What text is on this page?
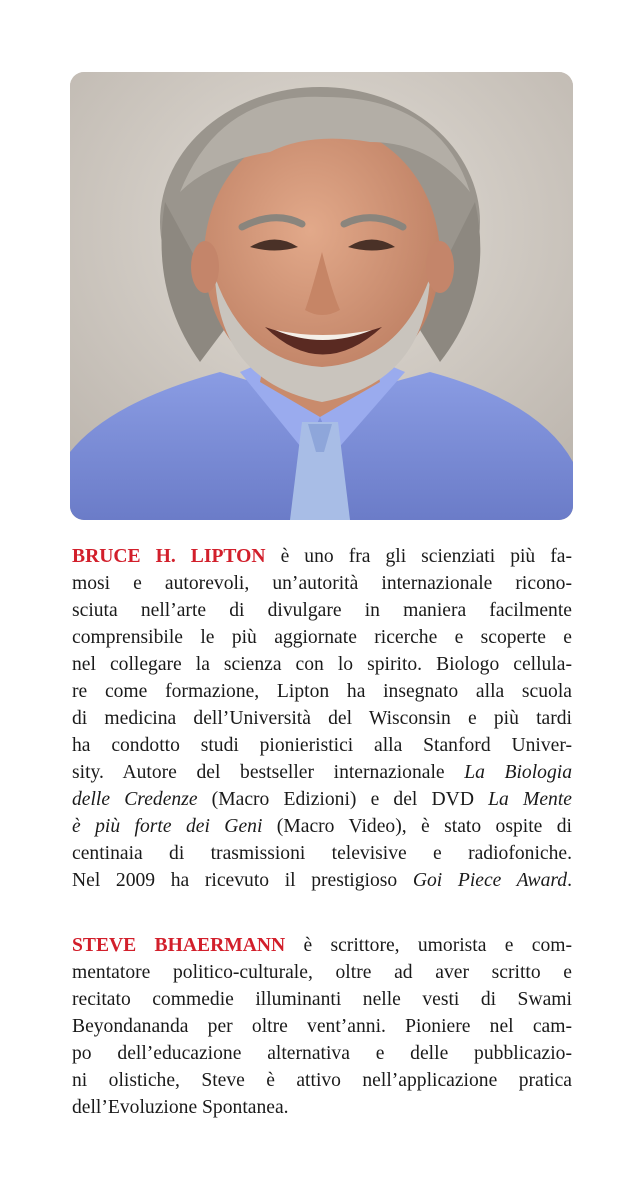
BRUCE H. LIPTON è uno fra gli scienziati più fa-
mosi e autorevoli, un’autorità internazionale ricono-
sciuta nell’arte di divulgare in maniera facilmente
comprensibile le più aggiornate ricerche e scoperte e
nel collegare la scienza con lo spirito. Biologo cellula-
re come formazione, Lipton ha insegnato alla scuola
di medicina dell’Università del Wisconsin e più tardi
ha condotto studi pionieristici alla Stanford Univer-
sity. Autore del bestseller internazionale La Biologia
delle Credenze (Macro Edizioni) e del DVD La Mente
è più forte dei Geni (Macro Video), è stato ospite di
centinaia di trasmissioni televisive e radiofoniche.
Nel 2009 ha ricevuto il prestigioso Goi Piece Award.
STEVE BHAERMANN è scrittore, umorista e com-
mentatore politico-culturale, oltre ad aver scritto e
recitato commedie illuminanti nelle vesti di Swami
Beyondananda per oltre vent’anni. Pioniere nel cam-
po dell’educazione alternativa e delle pubblicazio-
ni olistiche, Steve è attivo nell’applicazione pratica
dell’Evoluzione Spontanea.
